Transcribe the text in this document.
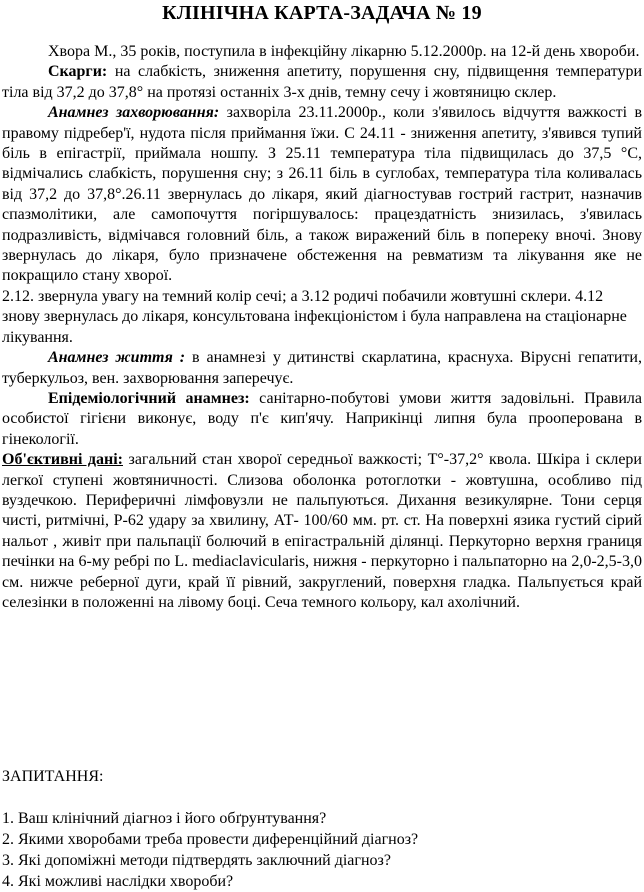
КЛІНІЧНА КАРТА-ЗАДАЧА № 19

Хвора М., 35 років, поступила в інфекційну лікарню 5.12.2000р. на 12-й день хвороби.

Скарги: на слабкість, зниження апетиту, порушення сну, підвищення температури тіла від 37,2 до 37,8° на протязі останніх 3-х днів, темну сечу і жовтяницю склер.

Анамнез захворювання: захворіла 23.11.2000р., коли з'явилось відчуття важкості в правому підребер'ї, нудота після приймання їжи. С 24.11 - зниження апетиту, з'явився тупий біль в епігастрії, приймала ношпу. З 25.11 температура тіла підвищилась до 37,5 °С, відмічались слабкість, порушення сну; з 26.11 біль в суглобах, температура тіла коливалась від 37,2 до 37,8°.26.11 звернулась до лікаря, який діагностував гострий гастрит, назначив спазмолітики, але самопочуття погіршувалось: працездатність знизилась, з'явилась подразливість, відмічався головний біль, а також виражений біль в попереку вночі. Знову звернулась до лікаря, було призначене обстеження на ревматизм та лікування яке не покращило стану хворої.

2.12. звернула увагу на темний колір сечі; а 3.12 родичі побачили жовтушні склери. 4.12 знову звернулась до лікаря, консультована інфекціоністом і була направлена на стаціонарне лікування.

Анамнез життя : в анамнезі у дитинстві скарлатина, краснуха. Вірусні гепатити, туберкульоз, вен. захворювання заперечує.

Епідеміологічний анамнез: санітарно-побутові умови життя задовільні. Правила особистої гігієни виконує, воду п'є кип'ячу. Наприкінці липня була прооперована в гінекології.

Об'єктивні дані: загальний стан хворої середньої важкості; Т°-37,2° квола. Шкіра і склери легкої ступені жовтяничності. Слизова оболонка ротоглотки - жовтушна, особливо під вуздечкою. Периферичні лімфовузли не пальпуються. Дихання везикулярне. Тони серця чисті, ритмічні, Р-62 удару за хвилину, АТ- 100/60 мм. рт. ст. На поверхні язика густий сірий нальот , живіт при пальпації болючий в епігастральній ділянці. Перкуторно верхня границя печінки на 6-му ребрі по L. mediaclavicularis, нижня - перкуторно і пальпаторно на 2,0-2,5-3,0 см. нижче реберної дуги, край її рівний, закруглений, поверхня гладка. Пальпується край селезінки в положенні на лівому боці. Сеча темного кольору, кал ахолічний.

ЗАПИТАННЯ:

1. Ваш клінічний діагноз і його обґрунтування?

2. Якими хворобами треба провести диференційний діагноз?

3. Які допоміжні методи підтвердять заключний діагноз?

4. Які можливі наслідки хвороби?
